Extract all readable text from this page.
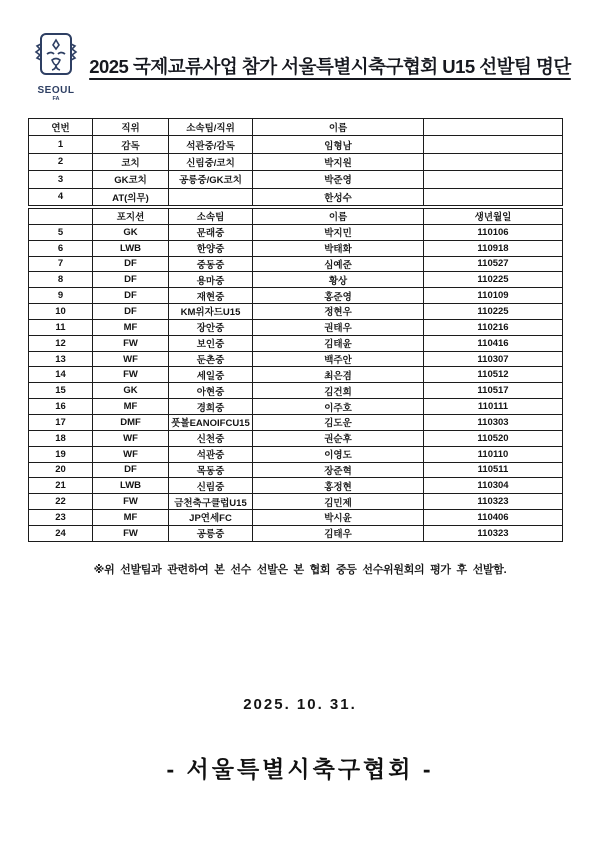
SEOUL
FA
2025 국제교류사업 참가 서울특별시축구협회 U15 선발팀 명단
연번	직위	소속팀/직위	이름	
1	감독	석관중/감독	임형남	
2	코치	신림중/코치	박지원	
3	GK코치	공릉중/GK코치	박준영	
4	AT(의무)		한성수	
	포지션	소속팀	이름	생년월일
5	GK	문래중	박지민	110106
6	LWB	한양중	박태화	110918
7	DF	중동중	심예준	110527
8	DF	용마중	황상	110225
9	DF	재현중	홍준영	110109
10	DF	KM위자드U15	정현우	110225
11	MF	장안중	권태우	110216
12	FW	보인중	김태윤	110416
13	WF	둔촌중	백주안	110307
14	FW	세일중	최은겸	110512
15	GK	아현중	김건희	110517
16	MF	경희중	이주호	110111
17	DMF	풋볼EANOIFCU15	김도운	110303
18	WF	신천중	권순후	110520
19	WF	석관중	이영도	110110
20	DF	목동중	장준혁	110511
21	LWB	신림중	홍정현	110304
22	FW	금천축구클럽U15	김민제	110323
23	MF	JP연세FC	박시윤	110406
24	FW	공릉중	김태우	110323
※위 선발팀과 관련하여 본 선수 선발은 본 협회 중등 선수위원회의 평가 후 선발함.
2025. 10. 31.
- 서울특별시축구협회 -
